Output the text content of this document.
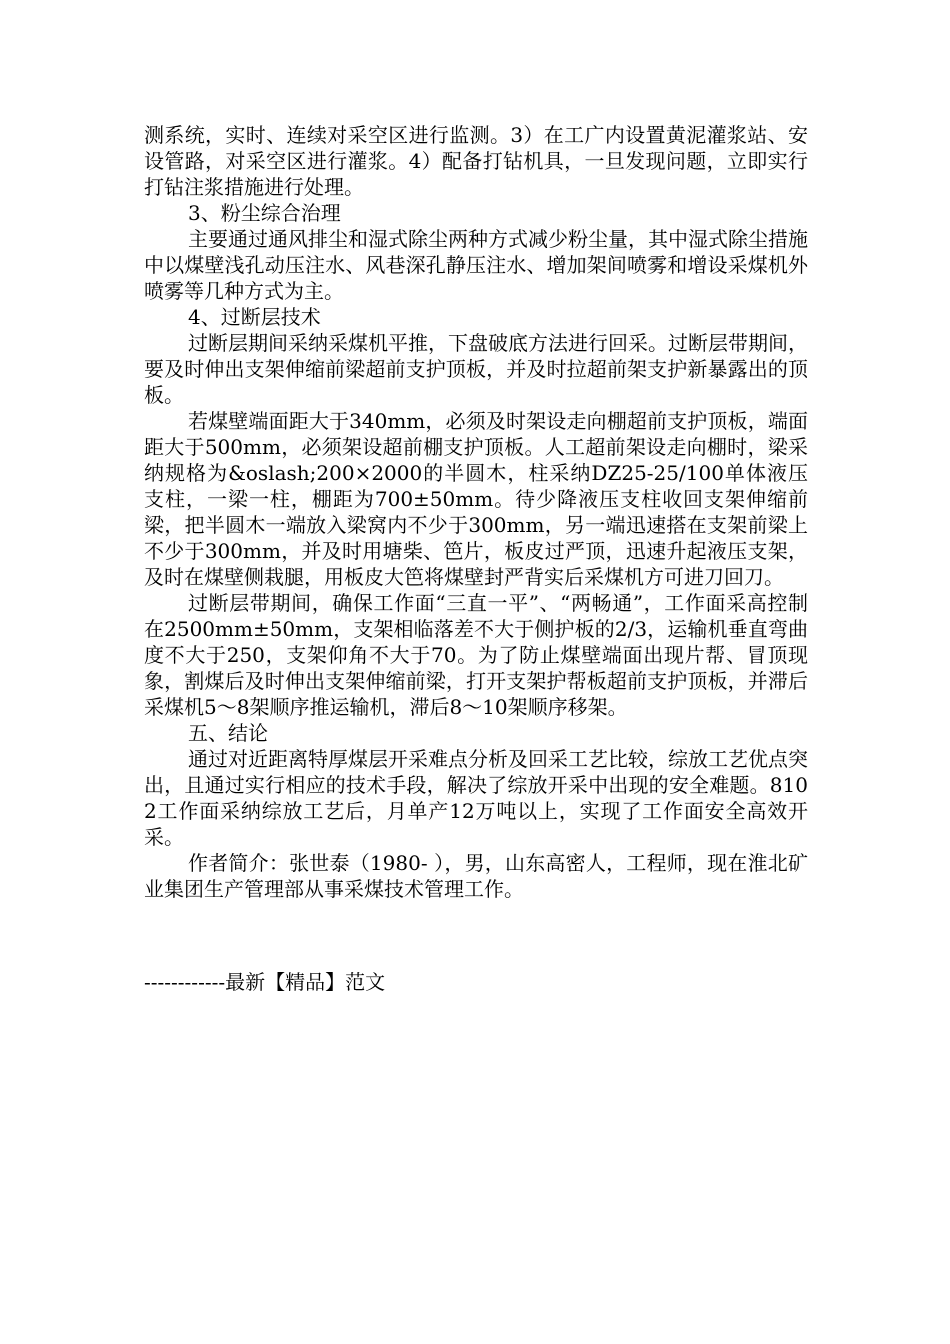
测系统，实时、连续对采空区进行监测。3）在工广内设置黄泥灌浆站、安设管路，对采空区进行灌浆。4）配备打钻机具，一旦发现问题，立即实行打钻注浆措施进行处理。

3、粉尘综合治理

主要通过通风排尘和湿式除尘两种方式减少粉尘量，其中湿式除尘措施中以煤壁浅孔动压注水、风巷深孔静压注水、增加架间喷雾和增设采煤机外喷雾等几种方式为主。

4、过断层技术

过断层期间采纳采煤机平推，下盘破底方法进行回采。过断层带期间，要及时伸出支架伸缩前梁超前支护顶板，并及时拉超前架支护新暴露出的顶板。

若煤壁端面距大于340mm，必须及时架设走向棚超前支护顶板，端面距大于500mm，必须架设超前棚支护顶板。人工超前架设走向棚时，梁采纳规格为&oslash;200×2000的半圆木，柱采纳DZ25-25/100单体液压支柱，一梁一柱，棚距为700±50mm。待少降液压支柱收回支架伸缩前梁，把半圆木一端放入梁窝内不少于300mm，另一端迅速搭在支架前梁上不少于300mm，并及时用塘柴、笆片，板皮过严顶，迅速升起液压支架，及时在煤壁侧栽腿，用板皮大笆将煤壁封严背实后采煤机方可进刀回刀。

过断层带期间，确保工作面“三直一平”、“两畅通”，工作面采高控制在2500mm±50mm，支架相临落差不大于侧护板的2/3，运输机垂直弯曲度不大于250，支架仰角不大于70。为了防止煤壁端面出现片帮、冒顶现象，割煤后及时伸出支架伸缩前梁，打开支架护帮板超前支护顶板，并滞后采煤机5～8架顺序推运输机，滞后8～10架顺序移架。

五、结论

通过对近距离特厚煤层开采难点分析及回采工艺比较，综放工艺优点突出，且通过实行相应的技术手段，解决了综放开采中出现的安全难题。8102工作面采纳综放工艺后，月单产12万吨以上，实现了工作面安全高效开采。

作者简介：张世泰（1980- ），男，山东高密人，工程师，现在淮北矿业集团生产管理部从事采煤技术管理工作。

------------最新【精品】范文
